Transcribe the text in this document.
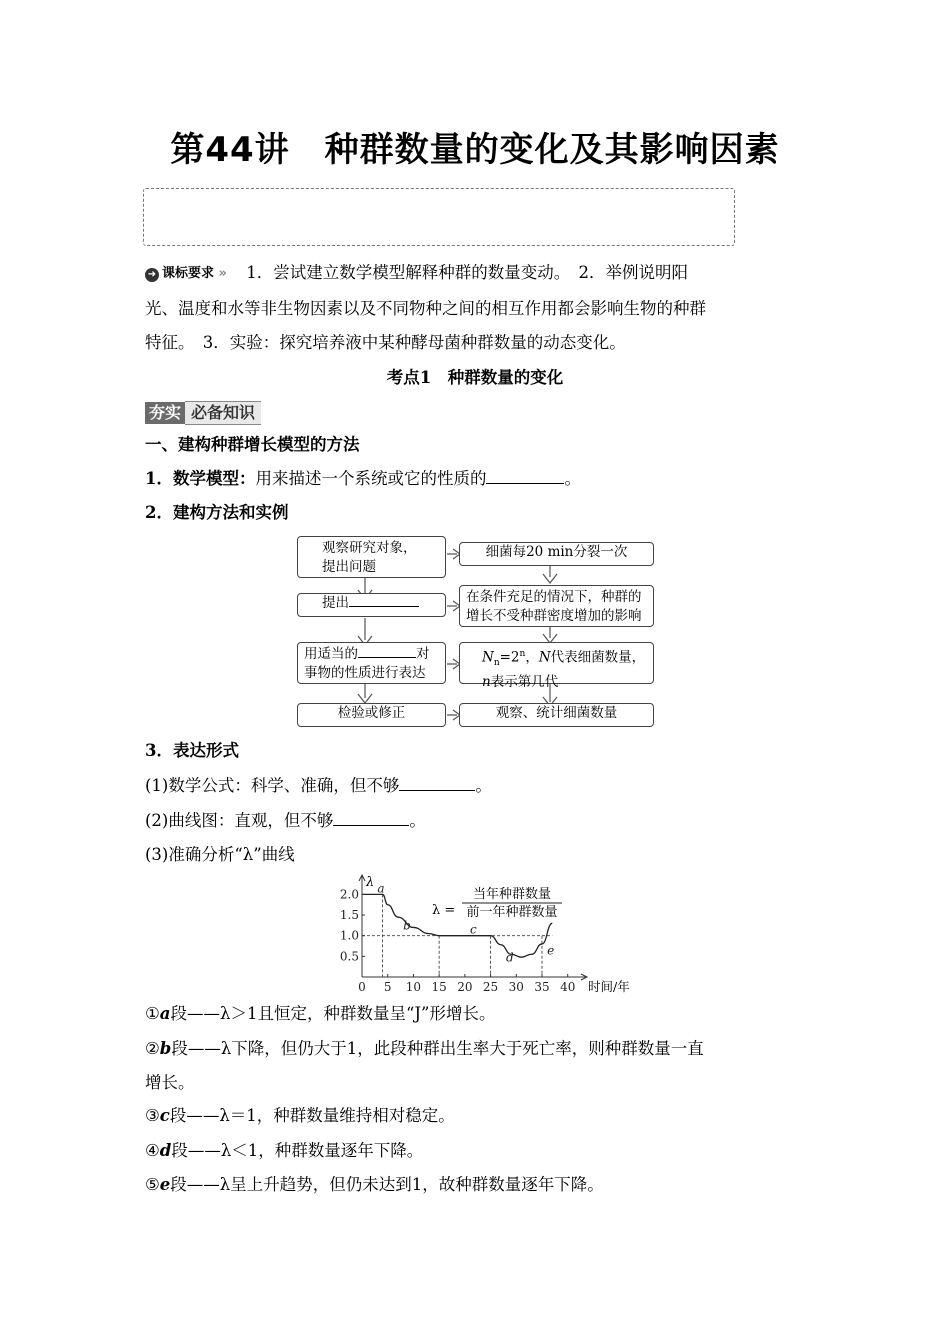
第44讲　种群数量的变化及其影响因素
➜ 课标要求 » 1．尝试建立数学模型解释种群的数量变动。　2．举例说明阳
光、温度和水等非生物因素以及不同物种之间的相互作用都会影响生物的种群
特征。　3．实验：探究培养液中某种酵母菌种群数量的动态变化。
考点1　种群数量的变化
夯实 必备知识
一、建构种群增长模型的方法
1．数学模型：用来描述一个系统或它的性质的	。
2．建构方法和实例
观察研究对象，
提出问题
提出
用适当的	对
事物的性质进行表达
检验或修正
细菌每20 min分裂一次
在条件充足的情况下，种群的
增长不受种群密度增加的影响
$N_n=2^n$，N代表细菌数量，
n表示第几代
观察、统计细菌数量
3．表达形式
(1)数学公式：科学、准确，但不够	。
(2)曲线图：直观，但不够	。
(3)准确分析“λ”曲线
0 5 10 15 20 25 30 35 40
0.5
1.0
1.5
2.0 a
b	c
d
e
λ
时间/年
λ =
当年种群数量
前一年种群数量
①a段——λ＞1且恒定，种群数量呈“J”形增长。
②b段——λ下降，但仍大于1，此段种群出生率大于死亡率，则种群数量一直
增长。
③c段——λ＝1，种群数量维持相对稳定。
④d段——λ＜1，种群数量逐年下降。
⑤e段——λ呈上升趋势，但仍未达到1，故种群数量逐年下降。
